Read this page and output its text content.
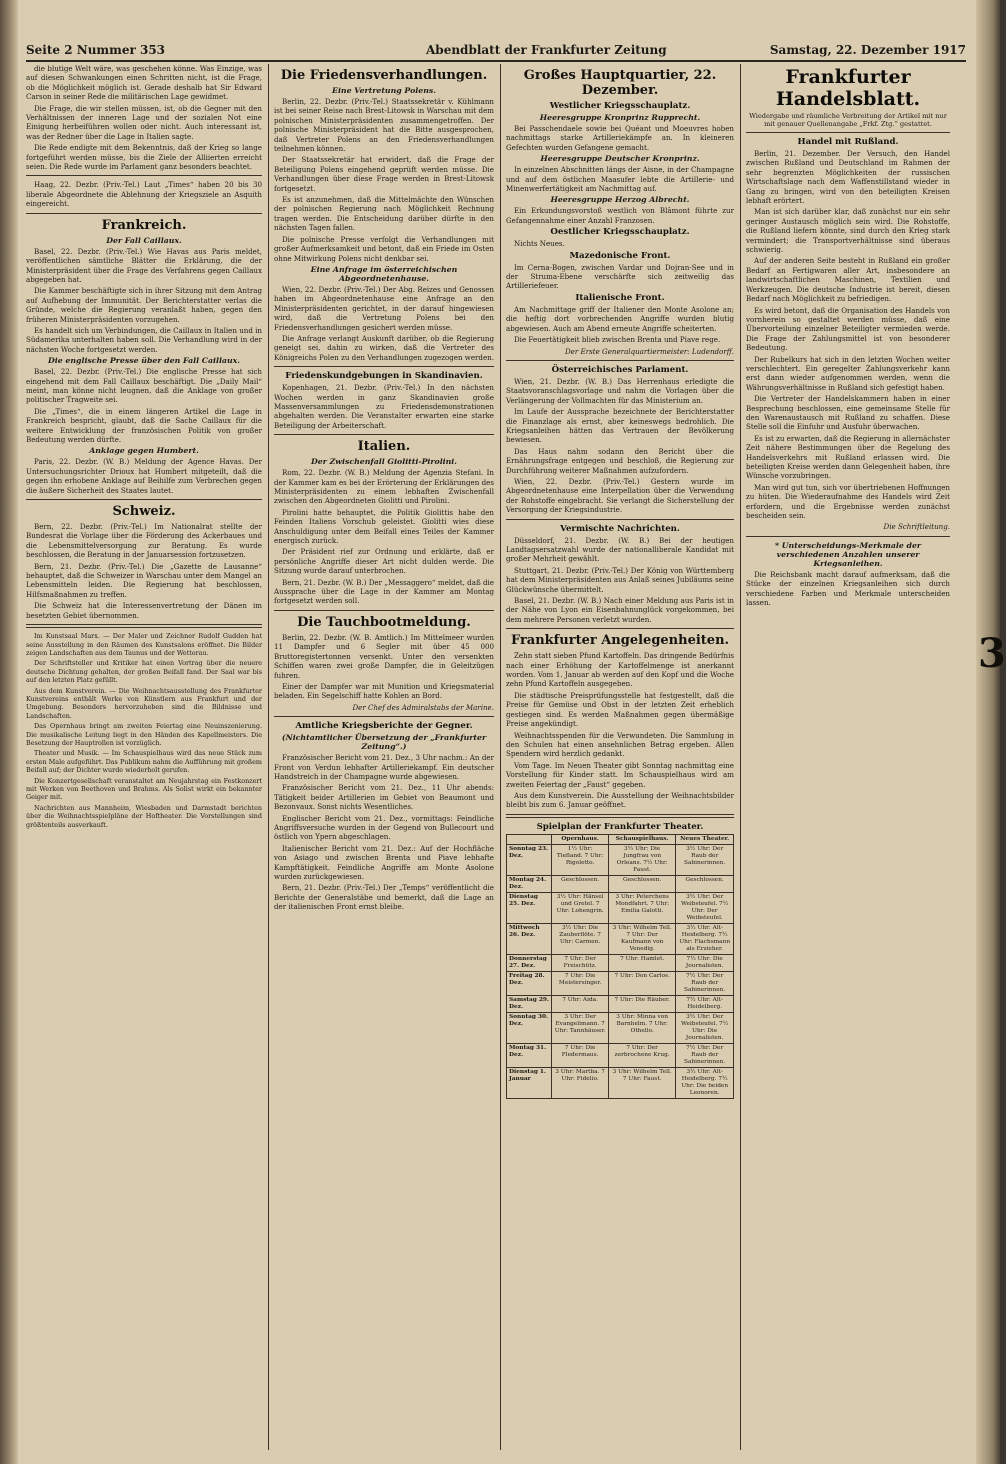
Seite 2 Nummer 353	Abendblatt der Frankfurter Zeitung	Samstag, 22. Dezember 1917

die blutige Welt wäre, was geschehen könne. Was Einzige, was auf diesen Schwankungen einen Schritten nicht, ist die Frage, ob die Möglichkeit möglich ist. Gerade deshalb hat Sir Edward Carson in seiner Rede die militärischen Lage gewidmet.

Die Frage, die wir stellen müssen, ist, ob die Gegner mit den Verhältnissen der inneren Lage und der sozialen Not eine Einigung herbeiführen wollen oder nicht. Auch interessant ist, was der Redner über die Lage in Italien sagte.

Die Rede endigte mit dem Bekenntnis, daß der Krieg so lange fortgeführt werden müsse, bis die Ziele der Alliierten erreicht seien. Die Rede wurde im Parlament ganz besonders beachtet.

Haag, 22. Dezbr. (Priv.-Tel.) Laut „Times“ haben 20 bis 30 liberale Abgeordnete die Ablehnung der Kriegsziele an Asquith eingereicht.

Frankreich.
Der Fall Caillaux.

Basel, 22. Dezbr. (Priv.-Tel.) Wie Havas aus Paris meldet, veröffentlichen sämtliche Blätter die Erklärung, die der Ministerpräsident über die Frage des Verfahrens gegen Caillaux abgegeben hat.

Die Kammer beschäftigte sich in ihrer Sitzung mit dem Antrag auf Aufhebung der Immunität. Der Berichterstatter verlas die Gründe, welche die Regierung veranlaßt haben, gegen den früheren Ministerpräsidenten vorzugehen.

Es handelt sich um Verbindungen, die Caillaux in Italien und in Südamerika unterhalten haben soll. Die Verhandlung wird in der nächsten Woche fortgesetzt werden.

Die englische Presse über den Fall Caillaux.

Basel, 22. Dezbr. (Priv.-Tel.) Die englische Presse hat sich eingehend mit dem Fall Caillaux beschäftigt. Die „Daily Mail“ meint, man könne nicht leugnen, daß die Anklage von großer politischer Tragweite sei.

Die „Times“, die in einem längeren Artikel die Lage in Frankreich bespricht, glaubt, daß die Sache Caillaux für die weitere Entwicklung der französischen Politik von großer Bedeutung werden dürfte.

Anklage gegen Humbert.

Paris, 22. Dezbr. (W. B.) Meldung der Agence Havas. Der Untersuchungsrichter Drioux hat Humbert mitgeteilt, daß die gegen ihn erhobene Anklage auf Beihilfe zum Verbrechen gegen die äußere Sicherheit des Staates lautet.

Schweiz.

Bern, 22. Dezbr. (Priv.-Tel.) Im Nationalrat stellte der Bundesrat die Vorlage über die Förderung des Ackerbaues und die Lebensmittelversorgung zur Beratung. Es wurde beschlossen, die Beratung in der Januarsession fortzusetzen.

Bern, 21. Dezbr. (Priv.-Tel.) Die „Gazette de Lausanne“ behauptet, daß die Schweizer in Warschau unter dem Mangel an Lebensmitteln leiden. Die Regierung hat beschlossen, Hilfsmaßnahmen zu treffen.

Die Schweiz hat die Interessenvertretung der Dänen im besetzten Gebiet übernommen.

Im Kunstsaal Marx. — Der Maler und Zeichner Rudolf Gudden hat seine Ausstellung in den Räumen des Kunstsalons eröffnet. Die Bilder zeigen Landschaften aus dem Taunus und der Wetterau.

Der Schriftsteller und Kritiker hat einen Vortrag über die neuere deutsche Dichtung gehalten, der großen Beifall fand. Der Saal war bis auf den letzten Platz gefüllt.

Aus dem Kunstverein. — Die Weihnachtsausstellung des Frankfurter Kunstvereins enthält Werke von Künstlern aus Frankfurt und der Umgebung. Besonders hervorzuheben sind die Bildnisse und Landschaften.

Das Opernhaus bringt am zweiten Feiertag eine Neuinszenierung. Die musikalische Leitung liegt in den Händen des Kapellmeisters. Die Besetzung der Hauptrollen ist vorzüglich.

Theater und Musik. — Im Schauspielhaus wird das neue Stück zum ersten Male aufgeführt. Das Publikum nahm die Aufführung mit großem Beifall auf; der Dichter wurde wiederholt gerufen.

Die Konzertgesellschaft veranstaltet am Neujahrstag ein Festkonzert mit Werken von Beethoven und Brahms. Als Solist wirkt ein bekannter Geiger mit.

Nachrichten aus Mannheim, Wiesbaden und Darmstadt berichten über die Weihnachtsspielpläne der Hoftheater. Die Vorstellungen sind größtenteils ausverkauft.

Die Friedensverhandlungen.
Eine Vertretung Polens.

Berlin, 22. Dezbr. (Priv.-Tel.) Staatssekretär v. Kühlmann ist bei seiner Reise nach Brest-Litowsk in Warschau mit dem polnischen Ministerpräsidenten zusammengetroffen. Der polnische Ministerpräsident hat die Bitte ausgesprochen, daß Vertreter Polens an den Friedensverhandlungen teilnehmen können.

Der Staatssekretär hat erwidert, daß die Frage der Beteiligung Polens eingehend geprüft werden müsse. Die Verhandlungen über diese Frage werden in Brest-Litowsk fortgesetzt.

Es ist anzunehmen, daß die Mittelmächte den Wünschen der polnischen Regierung nach Möglichkeit Rechnung tragen werden. Die Entscheidung darüber dürfte in den nächsten Tagen fallen.

Die polnische Presse verfolgt die Verhandlungen mit großer Aufmerksamkeit und betont, daß ein Friede im Osten ohne Mitwirkung Polens nicht denkbar sei.

Eine Anfrage im österreichischen Abgeordnetenhause.

Wien, 22. Dezbr. (Priv.-Tel.) Der Abg. Reizes und Genossen haben im Abgeordnetenhause eine Anfrage an den Ministerpräsidenten gerichtet, in der darauf hingewiesen wird, daß die Vertretung Polens bei den Friedensverhandlungen gesichert werden müsse.

Die Anfrage verlangt Auskunft darüber, ob die Regierung geneigt sei, dahin zu wirken, daß die Vertreter des Königreichs Polen zu den Verhandlungen zugezogen werden.

Friedenskundgebungen in Skandinavien.

Kopenhagen, 21. Dezbr. (Priv.-Tel.) In den nächsten Wochen werden in ganz Skandinavien große Massenversammlungen zu Friedensdemonstrationen abgehalten werden. Die Veranstalter erwarten eine starke Beteiligung der Arbeiterschaft.

Italien.
Der Zwischenfall Giolitti-Pirolini.

Rom, 22. Dezbr. (W. B.) Meldung der Agenzia Stefani. In der Kammer kam es bei der Erörterung der Erklärungen des Ministerpräsidenten zu einem lebhaften Zwischenfall zwischen den Abgeordneten Giolitti und Pirolini.

Pirolini hatte behauptet, die Politik Giolittis habe den Feinden Italiens Vorschub geleistet. Giolitti wies diese Anschuldigung unter dem Beifall eines Teiles der Kammer energisch zurück.

Der Präsident rief zur Ordnung und erklärte, daß er persönliche Angriffe dieser Art nicht dulden werde. Die Sitzung wurde darauf unterbrochen.

Bern, 21. Dezbr. (W. B.) Der „Messaggero“ meldet, daß die Aussprache über die Lage in der Kammer am Montag fortgesetzt werden soll.

Die Tauchbootmeldung.

Berlin, 22. Dezbr. (W. B. Amtlich.) Im Mittelmeer wurden 11 Dampfer und 6 Segler mit über 45 000 Bruttoregistertonnen versenkt. Unter den versenkten Schiffen waren zwei große Dampfer, die in Geleitzügen fuhren.

Einer der Dampfer war mit Munition und Kriegsmaterial beladen. Ein Segelschiff hatte Kohlen an Bord.

Der Chef des Admiralstabs der Marine.

Amtliche Kriegsberichte der Gegner.
(Nichtamtlicher Übersetzung der „Frankfurter Zeitung“.)

Französischer Bericht vom 21. Dez., 3 Uhr nachm.: An der Front von Verdun lebhafter Artilleriekampf. Ein deutscher Handstreich in der Champagne wurde abgewiesen.

Französischer Bericht vom 21. Dez., 11 Uhr abends: Tätigkeit beider Artillerien im Gebiet von Beaumont und Bezonvaux. Sonst nichts Wesentliches.

Englischer Bericht vom 21. Dez., vormittags: Feindliche Angriffsversuche wurden in der Gegend von Bullecourt und östlich von Ypern abgeschlagen.

Italienischer Bericht vom 21. Dez.: Auf der Hochfläche von Asiago und zwischen Brenta und Piave lebhafte Kampftätigkeit. Feindliche Angriffe am Monte Asolone wurden zurückgewiesen.

Bern, 21. Dezbr. (Priv.-Tel.) Der „Temps“ veröffentlicht die Berichte der Generalstäbe und bemerkt, daß die Lage an der italienischen Front ernst bleibe.

Großes Hauptquartier, 22. Dezember.
Westlicher Kriegsschauplatz.
Heeresgruppe Kronprinz Rupprecht.

Bei Passchendaele sowie bei Quéant und Moeuvres hoben nachmittags starke Artilleriekämpfe an. In kleineren Gefechten wurden Gefangene gemacht.

Heeresgruppe Deutscher Kronprinz.

In einzelnen Abschnitten längs der Aisne, in der Champagne und auf dem östlichen Maasufer lebte die Artillerie- und Minenwerfertätigkeit am Nachmittag auf.

Heeresgruppe Herzog Albrecht.

Ein Erkundungsvorstoß westlich von Blâmont führte zur Gefangennahme einer Anzahl Franzosen.

Oestlicher Kriegsschauplatz.

Nichts Neues.

Mazedonische Front.

Im Cerna-Bogen, zwischen Vardar und Dojran-See und in der Struma-Ebene verschärfte sich zeitweilig das Artilleriefeuer.

Italienische Front.

Am Nachmittage griff der Italiener den Monte Asolone an; die heftig dort vorbrechenden Angriffe wurden blutig abgewiesen. Auch am Abend erneute Angriffe scheiterten.

Die Feuertätigkeit blieb zwischen Brenta und Piave rege.

Der Erste Generalquartiermeister: Ludendorff.

Österreichisches Parlament.

Wien, 21. Dezbr. (W. B.) Das Herrenhaus erledigte die Staatsvoranschlagsvorlage und nahm die Vorlagen über die Verlängerung der Vollmachten für das Ministerium an.

Im Laufe der Aussprache bezeichnete der Berichterstatter die Finanzlage als ernst, aber keineswegs bedrohlich. Die Kriegsanleihen hätten das Vertrauen der Bevölkerung bewiesen.

Das Haus nahm sodann den Bericht über die Ernährungsfrage entgegen und beschloß, die Regierung zur Durchführung weiterer Maßnahmen aufzufordern.

Wien, 22. Dezbr. (Priv.-Tel.) Gestern wurde im Abgeordnetenhause eine Interpellation über die Verwendung der Rohstoffe eingebracht. Sie verlangt die Sicherstellung der Versorgung der Kriegsindustrie.

Vermischte Nachrichten.

Düsseldorf, 21. Dezbr. (W. B.) Bei der heutigen Landtagsersatzwahl wurde der nationalliberale Kandidat mit großer Mehrheit gewählt.

Stuttgart, 21. Dezbr. (Priv.-Tel.) Der König von Württemberg hat dem Ministerpräsidenten aus Anlaß seines Jubiläums seine Glückwünsche übermittelt.

Basel, 21. Dezbr. (W. B.) Nach einer Meldung aus Paris ist in der Nähe von Lyon ein Eisenbahnunglück vorgekommen, bei dem mehrere Personen verletzt wurden.

Frankfurter Angelegenheiten.

Zehn statt sieben Pfund Kartoffeln. Das dringende Bedürfnis nach einer Erhöhung der Kartoffelmenge ist anerkannt worden. Vom 1. Januar ab werden auf den Kopf und die Woche zehn Pfund Kartoffeln ausgegeben.

Die städtische Preisprüfungsstelle hat festgestellt, daß die Preise für Gemüse und Obst in der letzten Zeit erheblich gestiegen sind. Es werden Maßnahmen gegen übermäßige Preise angekündigt.

Weihnachtsspenden für die Verwundeten. Die Sammlung in den Schulen hat einen ansehnlichen Betrag ergeben. Allen Spendern wird herzlich gedankt.

Vom Tage. Im Neuen Theater gibt Sonntag nachmittag eine Vorstellung für Kinder statt. Im Schauspielhaus wird am zweiten Feiertag der „Faust“ gegeben.

Aus dem Kunstverein. Die Ausstellung der Weihnachtsbilder bleibt bis zum 6. Januar geöffnet.

Spielplan der Frankfurter Theater.
	Opernhaus.	Schauspielhaus.	Neues Theater.
Sonntag 23. Dez.	1½ Uhr: Tiefland. 7 Uhr: Rigoletto.	3½ Uhr: Die Jungfrau von Orleans. 7½ Uhr: Faust.	3½ Uhr: Der Raub der Sabinerinnen.
Montag 24. Dez.	Geschlossen.	Geschlossen.	Geschlossen.
Dienstag 25. Dez.	3½ Uhr: Hänsel und Gretel. 7 Uhr: Lohengrin.	3 Uhr: Peterchens Mondfahrt. 7 Uhr: Emilia Galotti.	3½ Uhr: Der Weibsteufel. 7½ Uhr: Der Weibsteufel.
Mittwoch 26. Dez.	3½ Uhr: Die Zauberflöte. 7 Uhr: Carmen.	3 Uhr: Wilhelm Tell. 7 Uhr: Der Kaufmann von Venedig.	3½ Uhr: Alt-Heidelberg. 7½ Uhr: Flachsmann als Erzieher.
Donnerstag 27. Dez.	7 Uhr: Der Freischütz.	7 Uhr: Hamlet.	7½ Uhr: Die Journalisten.
Freitag 28. Dez.	7 Uhr: Die Meistersinger.	7 Uhr: Don Carlos.	7½ Uhr: Der Raub der Sabinerinnen.
Samstag 29. Dez.	7 Uhr: Aida.	7 Uhr: Die Räuber.	7½ Uhr: Alt-Heidelberg.
Sonntag 30. Dez.	3 Uhr: Der Evangelimann. 7 Uhr: Tannhäuser.	3 Uhr: Minna von Barnhelm. 7 Uhr: Othello.	3½ Uhr: Der Weibsteufel. 7½ Uhr: Die Journalisten.
Montag 31. Dez.	7 Uhr: Die Fledermaus.	7 Uhr: Der zerbrochene Krug.	7½ Uhr: Der Raub der Sabinerinnen.
Dienstag 1. Januar	3 Uhr: Martha. 7 Uhr: Fidelio.	3 Uhr: Wilhelm Tell. 7 Uhr: Faust.	3½ Uhr: Alt-Heidelberg. 7½ Uhr: Die beiden Leonoren.
Frankfurter Handelsblatt.
Wiedergabe und räumliche Verbreitung der Artikel mit nur mit genauer Quellenangabe „Frkf. Ztg.“ gestattet.
Handel mit Rußland.

Berlin, 21. Dezember. Der Versuch, den Handel zwischen Rußland und Deutschland im Rahmen der sehr begrenzten Möglichkeiten der russischen Wirtschaftslage nach dem Waffenstillstand wieder in Gang zu bringen, wird von den beteiligten Kreisen lebhaft erörtert.

Man ist sich darüber klar, daß zunächst nur ein sehr geringer Austausch möglich sein wird. Die Rohstoffe, die Rußland liefern könnte, sind durch den Krieg stark vermindert; die Transportverhältnisse sind überaus schwierig.

Auf der anderen Seite besteht in Rußland ein großer Bedarf an Fertigwaren aller Art, insbesondere an landwirtschaftlichen Maschinen, Textilien und Werkzeugen. Die deutsche Industrie ist bereit, diesen Bedarf nach Möglichkeit zu befriedigen.

Es wird betont, daß die Organisation des Handels von vornherein so gestaltet werden müsse, daß eine Übervorteilung einzelner Beteiligter vermieden werde. Die Frage der Zahlungsmittel ist von besonderer Bedeutung.

Der Rubelkurs hat sich in den letzten Wochen weiter verschlechtert. Ein geregelter Zahlungsverkehr kann erst dann wieder aufgenommen werden, wenn die Währungsverhältnisse in Rußland sich gefestigt haben.

Die Vertreter der Handelskammern haben in einer Besprechung beschlossen, eine gemeinsame Stelle für den Warenaustausch mit Rußland zu schaffen. Diese Stelle soll die Einfuhr und Ausfuhr überwachen.

Es ist zu erwarten, daß die Regierung in allernächster Zeit nähere Bestimmungen über die Regelung des Handelsverkehrs mit Rußland erlassen wird. Die beteiligten Kreise werden dann Gelegenheit haben, ihre Wünsche vorzubringen.

Man wird gut tun, sich vor übertriebenen Hoffnungen zu hüten. Die Wiederaufnahme des Handels wird Zeit erfordern, und die Ergebnisse werden zunächst bescheiden sein.

Die Schriftleitung.

* Unterscheidungs-Merkmale der verschiedenen Anzahlen unserer Kriegsanleihen.

Die Reichsbank macht darauf aufmerksam, daß die Stücke der einzelnen Kriegsanleihen sich durch verschiedene Farben und Merkmale unterscheiden lassen.

3
